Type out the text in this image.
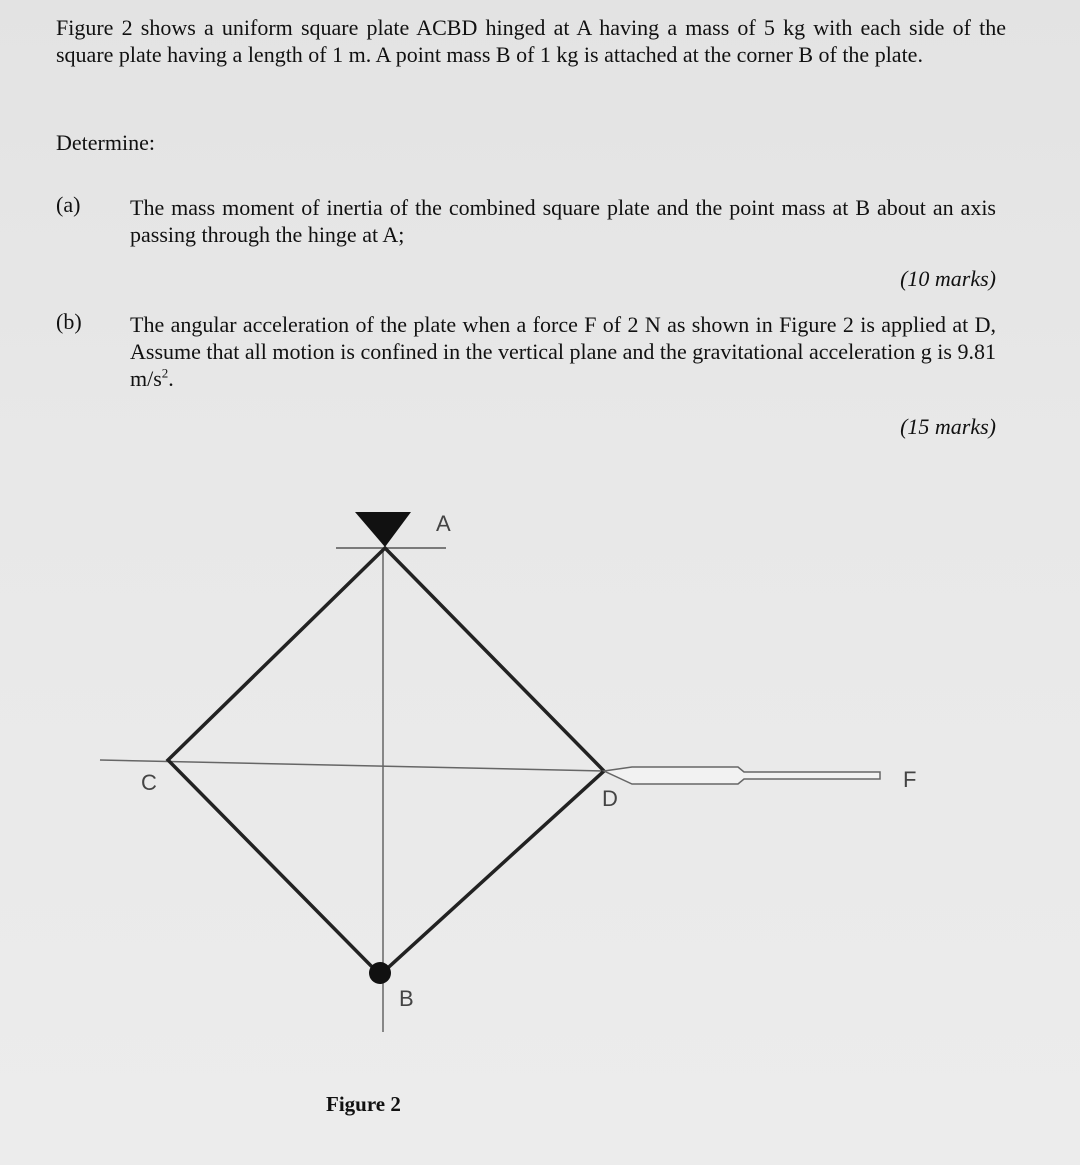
Figure 2 shows a uniform square plate ACBD hinged at A having a mass of 5 kg with each side of the square plate having a length of 1 m. A point mass B of 1 kg is attached at the corner B of the plate.
Determine:
(a) The mass moment of inertia of the combined square plate and the point mass at B about an axis passing through the hinge at A;
(10 marks)
(b) The angular acceleration of the plate when a force F of 2 N as shown in Figure 2 is applied at D, Assume that all motion is confined in the vertical plane and the gravitational acceleration g is 9.81 $m/s^2$.
(15 marks)
A
C
D
F
B
Figure 2
